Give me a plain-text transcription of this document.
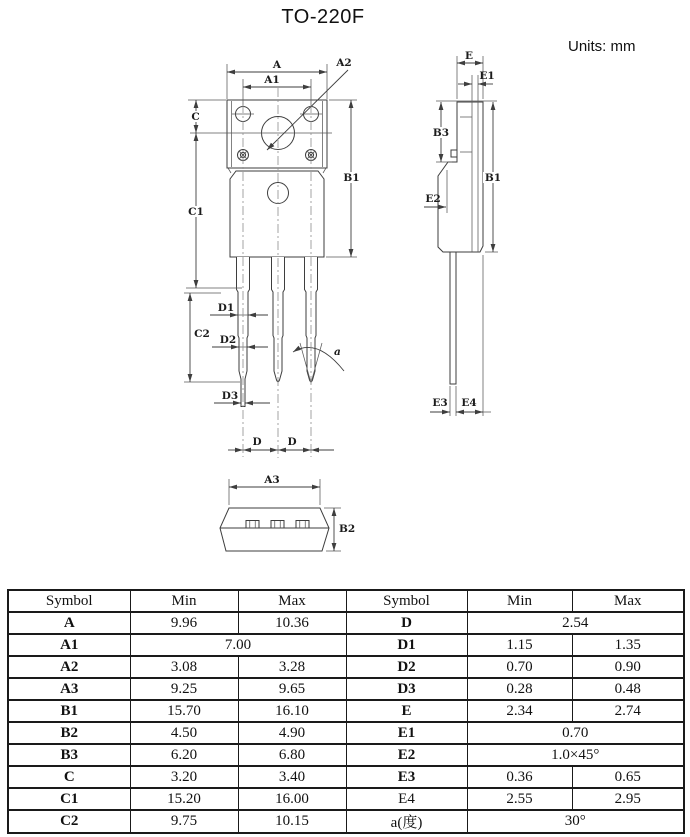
TO-220F
Units: mm
A
A1
A2
C
C1
B1
C2
D1
D2
D3
D D
a
E
E1
B3
E2
B1
E3 E4
A3
B2
Symbol	Min	Max	Symbol	Min	Max
A	9.96	10.36	D	2.54	
A1	7.00		D1	1.15	1.35
A2	3.08	3.28	D2	0.70	0.90
A3	9.25	9.65	D3	0.28	0.48
B1	15.70	16.10	E	2.34	2.74
B2	4.50	4.90	E1	0.70	
B3	6.20	6.80	E2	1.0×45°	
C	3.20	3.40	E3	0.36	0.65
C1	15.20	16.00	E4	2.55	2.95
C2	9.75	10.15	a(度)	30°	
